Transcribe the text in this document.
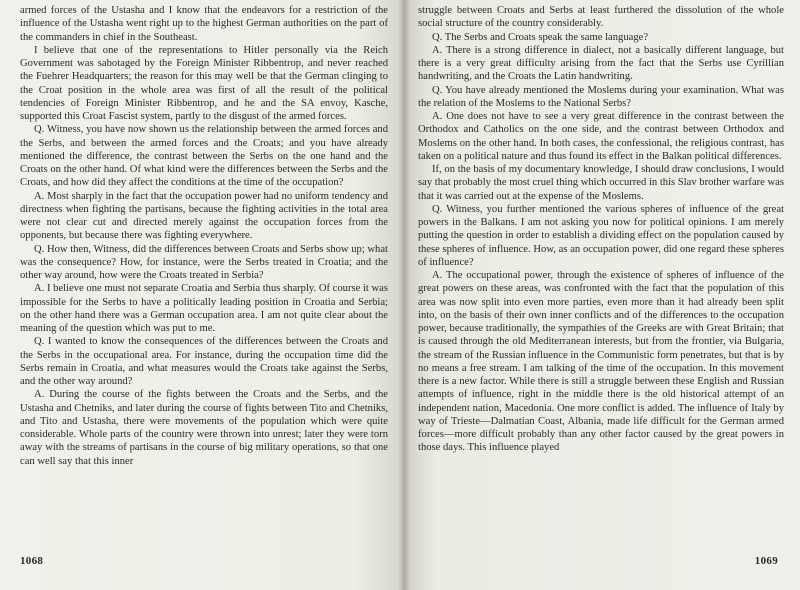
armed forces of the Ustasha and I know that the endeavors for a restriction of the influence of the Ustasha went right up to the highest German authorities on the part of the commanders in chief in the Southeast.

I believe that one of the representations to Hitler personally via the Reich Government was sabotaged by the Foreign Minister Ribbentrop, and never reached the Fuehrer Headquarters; the reason for this may well be that the German clinging to the Croat position in the whole area was first of all the result of the political tendencies of Foreign Minister Ribbentrop, and he and the SA envoy, Kasche, supported this Croat Fascist system, partly to the disgust of the armed forces.

Q. Witness, you have now shown us the relationship between the armed forces and the Serbs, and between the armed forces and the Croats; and you have already mentioned the difference, the contrast between the Serbs on the one hand and the Croats on the other hand. Of what kind were the differences between the Serbs and the Croats, and how did they affect the conditions at the time of the occupation?

A. Most sharply in the fact that the occupation power had no uniform tendency and directness when fighting the partisans, because the fighting activities in the total area were not clear cut and directed merely against the occupation forces from the opponents, but because there was fighting everywhere.

Q. How then, Witness, did the differences between Croats and Serbs show up; what was the consequence? How, for instance, were the Serbs treated in Croatia; and the other way around, how were the Croats treated in Serbia?

A. I believe one must not separate Croatia and Serbia thus sharply. Of course it was impossible for the Serbs to have a politically leading position in Croatia and Serbia; on the other hand there was a German occupation area. I am not quite clear about the meaning of the question which was put to me.

Q. I wanted to know the consequences of the differences between the Croats and the Serbs in the occupational area. For instance, during the occupation time did the Serbs remain in Croatia, and what measures would the Croats take against the Serbs, and the other way around?

A. During the course of the fights between the Croats and the Serbs, and the Ustasha and Chetniks, and later during the course of fights between Tito and Chetniks, and Tito and Ustasha, there were movements of the population which were quite considerable. Whole parts of the country were thrown into unrest; later they were torn away with the streams of partisans in the course of big military operations, so that one can well say that this inner

1068

struggle between Croats and Serbs at least furthered the dissolution of the whole social structure of the country considerably.

Q. The Serbs and Croats speak the same language?

A. There is a strong difference in dialect, not a basically different language, but there is a very great difficulty arising from the fact that the Serbs use Cyrillian handwriting, and the Croats the Latin handwriting.

Q. You have already mentioned the Moslems during your examination. What was the relation of the Moslems to the National Serbs?

A. One does not have to see a very great difference in the contrast between the Orthodox and Catholics on the one side, and the contrast between Orthodox and Moslems on the other hand. In both cases, the confessional, the religious contrast, has taken on a political nature and thus found its effect in the Balkan political differences.

If, on the basis of my documentary knowledge, I should draw conclusions, I would say that probably the most cruel thing which occurred in this Slav brother warfare was that it was carried out at the expense of the Moslems.

Q. Witness, you further mentioned the various spheres of influence of the great powers in the Balkans. I am not asking you now for political opinions. I am merely putting the question in order to establish a dividing effect on the population caused by these spheres of influence. How, as an occupation power, did one regard these spheres of influence?

A. The occupational power, through the existence of spheres of influence of the great powers on these areas, was confronted with the fact that the population of this area was now split into even more parties, even more than it had already been split into, on the basis of their own inner conflicts and of the differences to the occupation power, because traditionally, the sympathies of the Greeks are with Great Britain; that is caused through the old Mediterranean interests, but from the frontier, via Bulgaria, the stream of the Russian influence in the Communistic form penetrates, but that is by no means a free stream. I am talking of the time of the occupation. In this movement there is a new factor. While there is still a struggle between these English and Russian attempts of influence, right in the middle there is the old historical attempt of an independent nation, Macedonia. One more conflict is added. The influence of Italy by way of Trieste—Dalmatian Coast, Albania, made life difficult for the German armed forces—more difficult probably than any other factor caused by the great powers in those days. This influence played

1069
